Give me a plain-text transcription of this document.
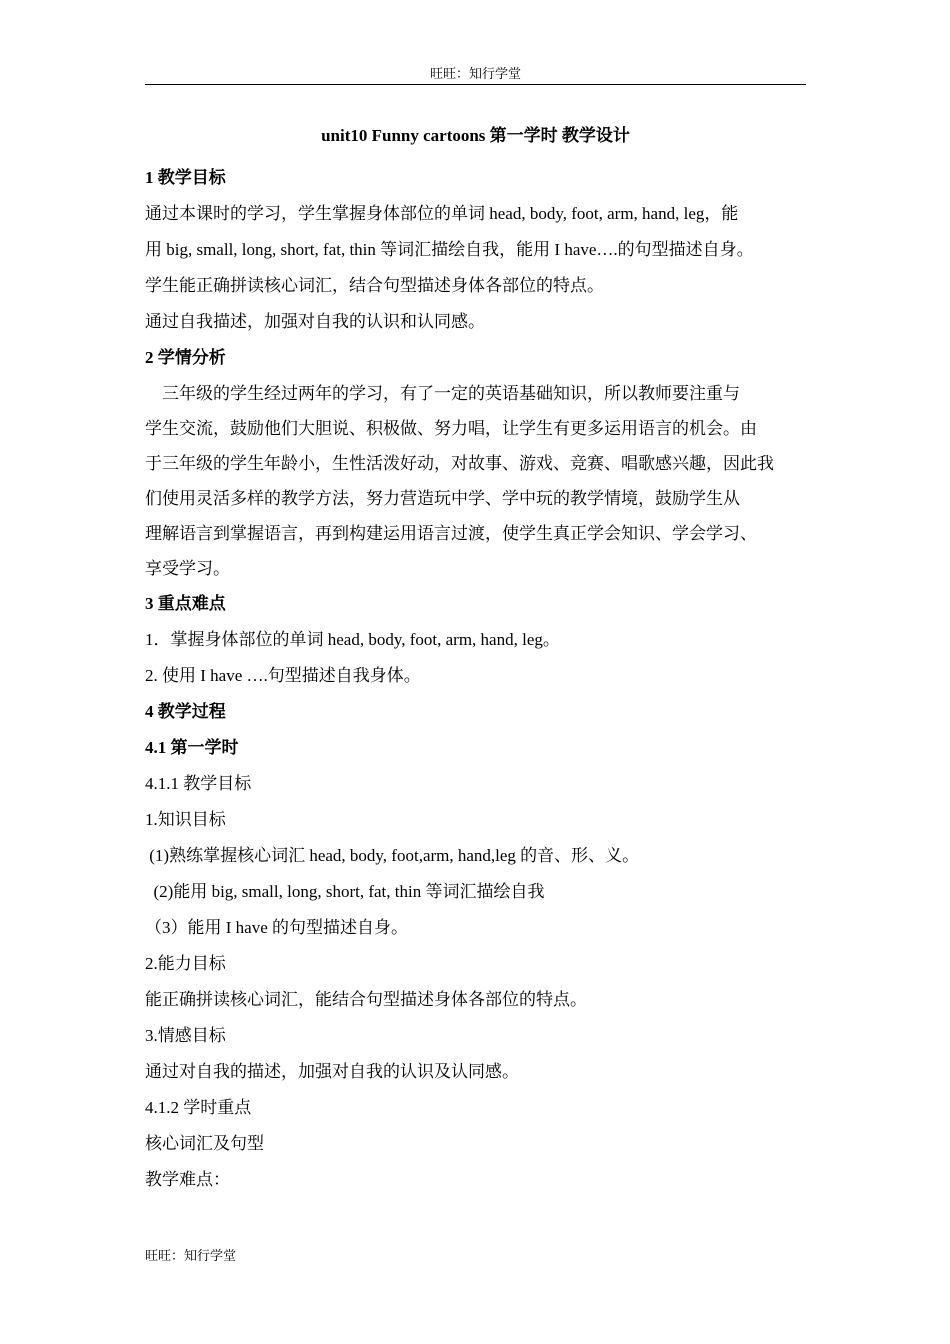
旺旺：知行学堂
unit10 Funny cartoons 第一学时 教学设计
1 教学目标
通过本课时的学习，学生掌握身体部位的单词 head, body, foot, arm, hand, leg，能
用 big, small, long, short, fat, thin 等词汇描绘自我，能用 I have….的句型描述自身。
学生能正确拼读核心词汇，结合句型描述身体各部位的特点。
通过自我描述，加强对自我的认识和认同感。
2 学情分析
三年级的学生经过两年的学习，有了一定的英语基础知识，所以教师要注重与
学生交流，鼓励他们大胆说、积极做、努力唱，让学生有更多运用语言的机会。由
于三年级的学生年龄小，生性活泼好动，对故事、游戏、竞赛、唱歌感兴趣，因此我
们使用灵活多样的教学方法，努力营造玩中学、学中玩的教学情境，鼓励学生从
理解语言到掌握语言，再到构建运用语言过渡，使学生真正学会知识、学会学习、
享受学习。
3 重点难点
1．掌握身体部位的单词 head, body, foot, arm, hand, leg。
2. 使用 I have ….句型描述自我身体。
4 教学过程
4.1 第一学时
4.1.1 教学目标
1.知识目标
(1)熟练掌握核心词汇 head, body, foot,arm, hand,leg 的音、形、义。
(2)能用 big, small, long, short, fat, thin 等词汇描绘自我
（3）能用 I have 的句型描述自身。
2.能力目标
能正确拼读核心词汇，能结合句型描述身体各部位的特点。
3.情感目标
通过对自我的描述，加强对自我的认识及认同感。
4.1.2 学时重点
核心词汇及句型
教学难点：
旺旺：知行学堂
